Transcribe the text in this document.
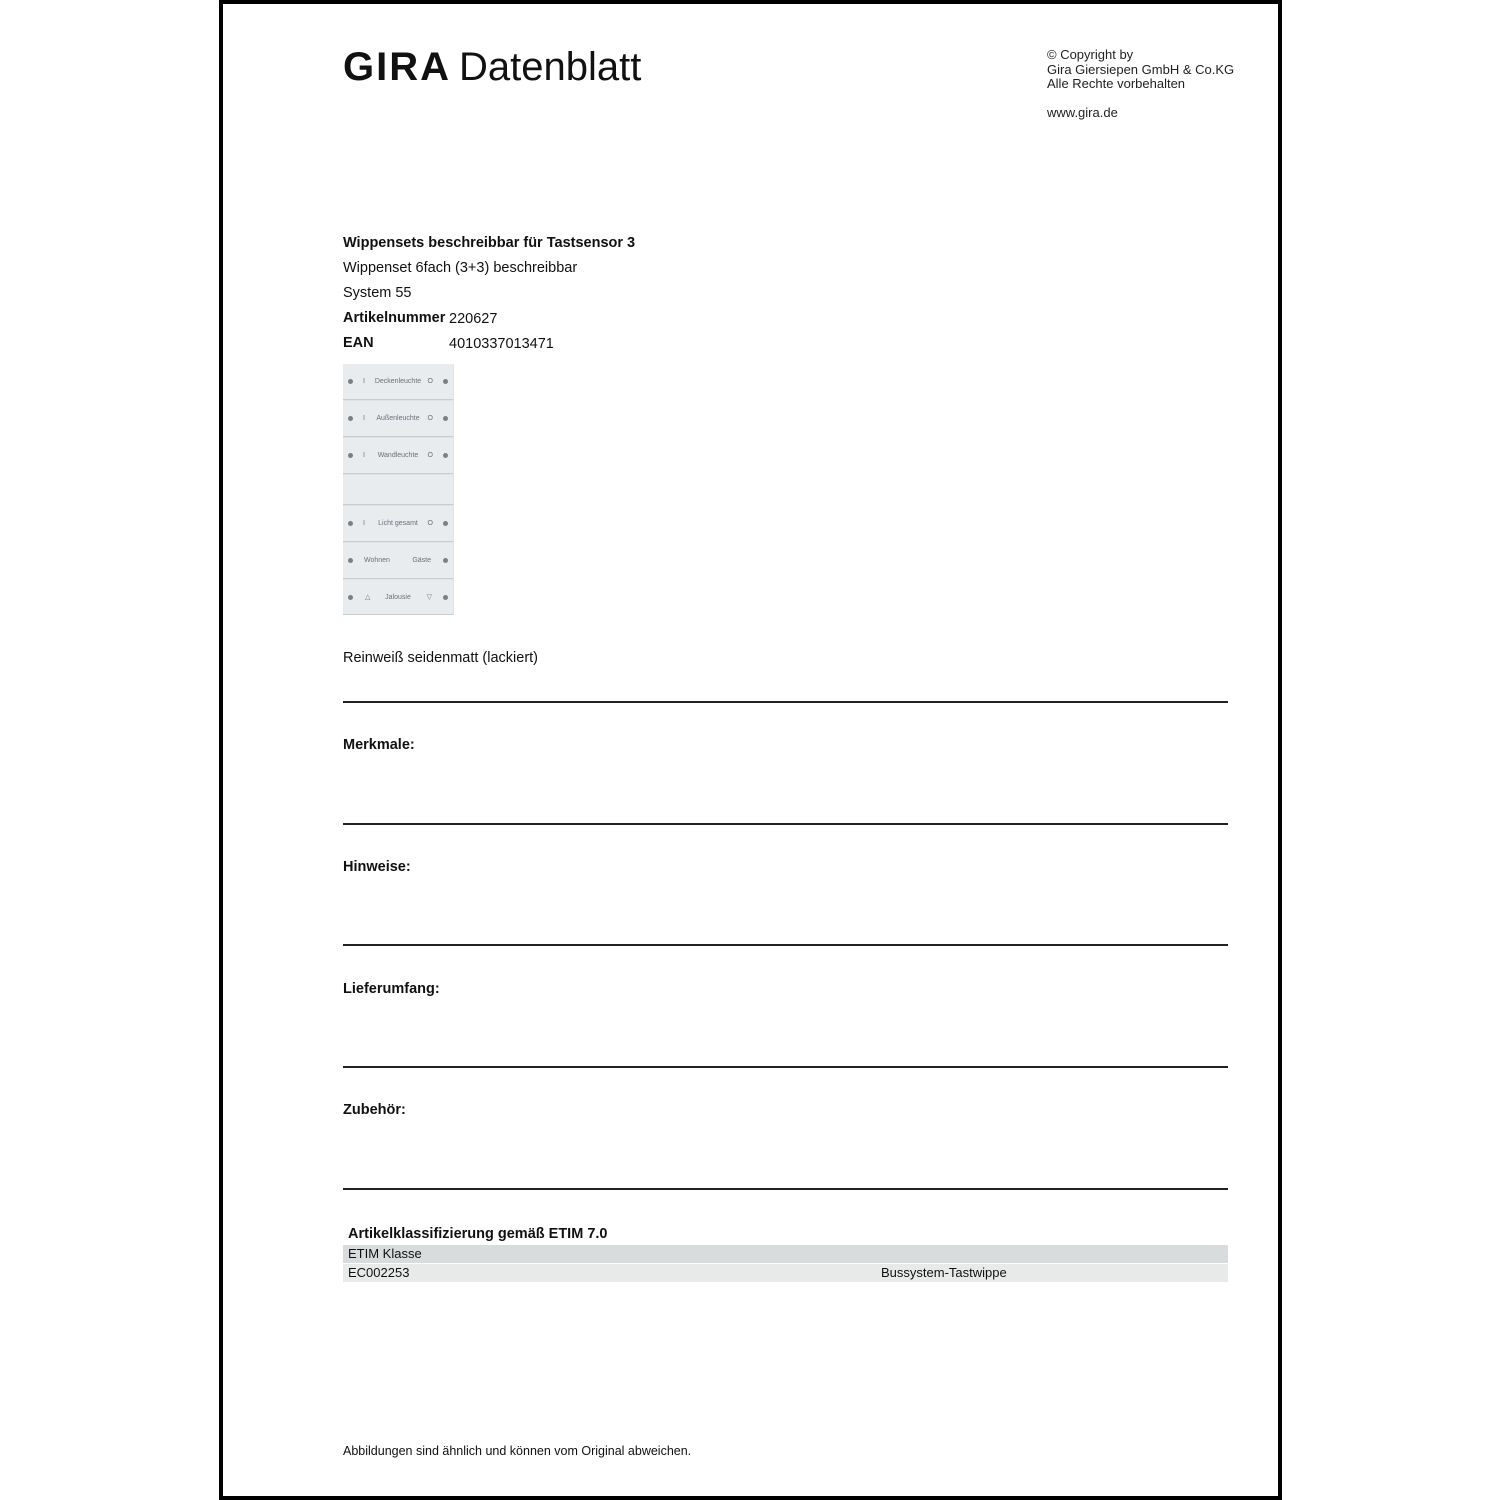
GIRA Datenblatt	© Copyright by
Gira Giersiepen GmbH & Co.KG
Alle Rechte vorbehalten
www.gira.de
Wippensets beschreibbar für Tastsensor 3
Wippenset 6fach (3+3) beschreibbar
System 55
Artikelnummer 220627
EAN	4010337013471
I	Deckenleuchte O
I	Außenleuchte	O
I	Wandleuchte	O
I	Licht gesamt	O
Wohnen	Gäste
△	Jalousie	▽
Reinweiß seidenmatt (lackiert)
Merkmale:
Hinweise:
Lieferumfang:
Zubehör:
Artikelklassifizierung gemäß ETIM 7.0
ETIM Klasse
EC002253	Bussystem-Tastwippe
Abbildungen sind ähnlich und können vom Original abweichen.
